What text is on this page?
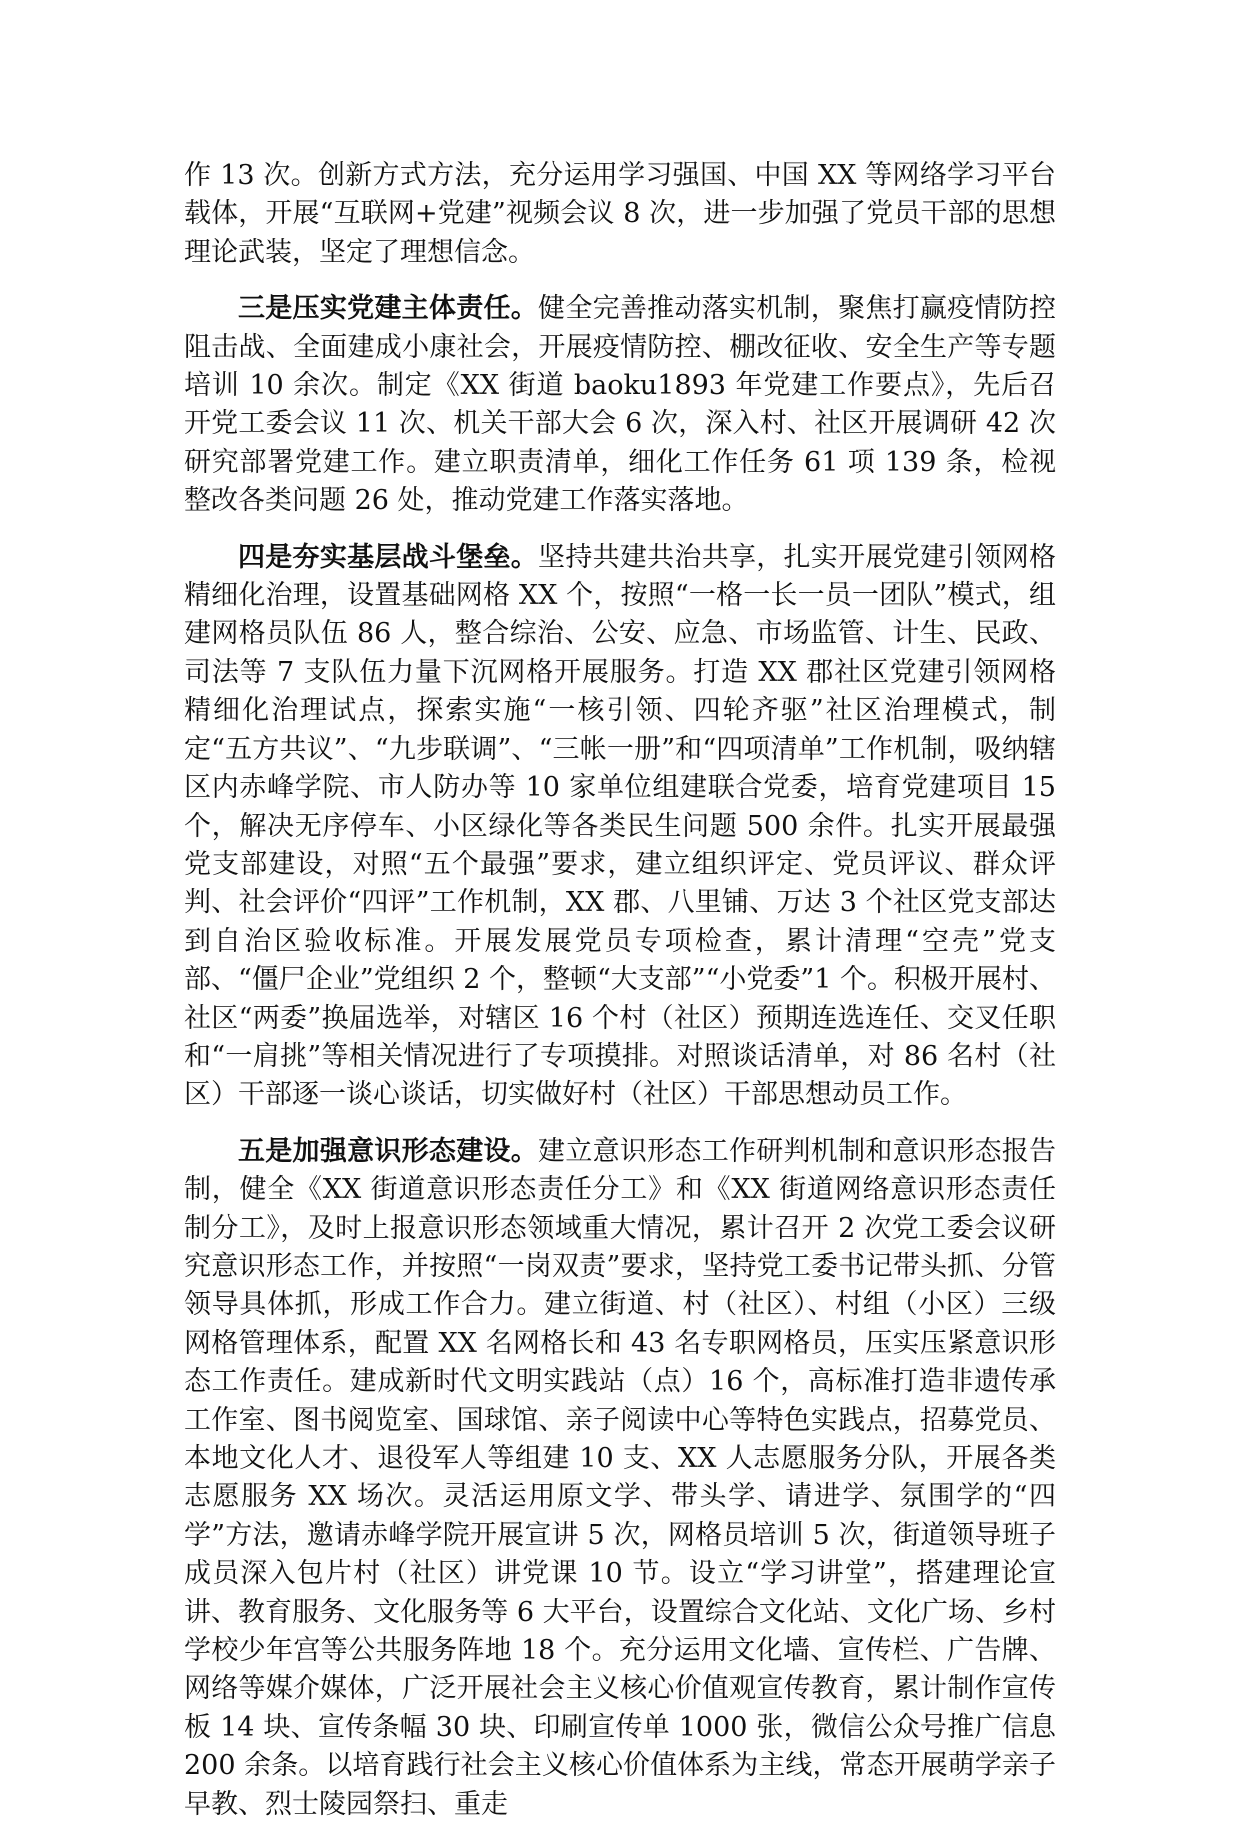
作 13 次。创新方式方法，充分运用学习强国、中国 XX 等网络学习平台载体，开展“互联网+党建”视频会议 8 次，进一步加强了党员干部的思想理论武装，坚定了理想信念。

三是压实党建主体责任。健全完善推动落实机制，聚焦打赢疫情防控阻击战、全面建成小康社会，开展疫情防控、棚改征收、安全生产等专题培训 10 余次。制定《XX 街道 baoku1893 年党建工作要点》，先后召开党工委会议 11 次、机关干部大会 6 次，深入村、社区开展调研 42 次研究部署党建工作。建立职责清单，细化工作任务 61 项 139 条，检视整改各类问题 26 处，推动党建工作落实落地。

四是夯实基层战斗堡垒。坚持共建共治共享，扎实开展党建引领网格精细化治理，设置基础网格 XX 个，按照“一格一长一员一团队”模式，组建网格员队伍 86 人，整合综治、公安、应急、市场监管、计生、民政、司法等 7 支队伍力量下沉网格开展服务。打造 XX 郡社区党建引领网格精细化治理试点，探索实施“一核引领、四轮齐驱”社区治理模式，制定“五方共议”、“九步联调”、“三帐一册”和“四项清单”工作机制，吸纳辖区内赤峰学院、市人防办等 10 家单位组建联合党委，培育党建项目 15 个，解决无序停车、小区绿化等各类民生问题 500 余件。扎实开展最强党支部建设，对照“五个最强”要求，建立组织评定、党员评议、群众评判、社会评价“四评”工作机制，XX 郡、八里铺、万达 3 个社区党支部达到自治区验收标准。开展发展党员专项检查，累计清理“空壳”党支部、“僵尸企业”党组织 2 个，整顿“大支部”“小党委”1 个。积极开展村、社区“两委”换届选举，对辖区 16 个村（社区）预期连选连任、交叉任职和“一肩挑”等相关情况进行了专项摸排。对照谈话清单，对 86 名村（社区）干部逐一谈心谈话，切实做好村（社区）干部思想动员工作。

五是加强意识形态建设。建立意识形态工作研判机制和意识形态报告制，健全《XX 街道意识形态责任分工》和《XX 街道网络意识形态责任制分工》，及时上报意识形态领域重大情况，累计召开 2 次党工委会议研究意识形态工作，并按照“一岗双责”要求，坚持党工委书记带头抓、分管领导具体抓，形成工作合力。建立街道、村（社区）、村组（小区）三级网格管理体系，配置 XX 名网格长和 43 名专职网格员，压实压紧意识形态工作责任。建成新时代文明实践站（点）16 个，高标准打造非遗传承工作室、图书阅览室、国球馆、亲子阅读中心等特色实践点，招募党员、本地文化人才、退役军人等组建 10 支、XX 人志愿服务分队，开展各类志愿服务 XX 场次。灵活运用原文学、带头学、请进学、氛围学的“四学”方法，邀请赤峰学院开展宣讲 5 次，网格员培训 5 次，街道领导班子成员深入包片村（社区）讲党课 10 节。设立“学习讲堂”，搭建理论宣讲、教育服务、文化服务等 6 大平台，设置综合文化站、文化广场、乡村学校少年宫等公共服务阵地 18 个。充分运用文化墙、宣传栏、广告牌、网络等媒介媒体，广泛开展社会主义核心价值观宣传教育，累计制作宣传板 14 块、宣传条幅 30 块、印刷宣传单 1000 张，微信公众号推广信息 200 余条。以培育践行社会主义核心价值体系为主线，常态开展萌学亲子早教、烈士陵园祭扫、重走
